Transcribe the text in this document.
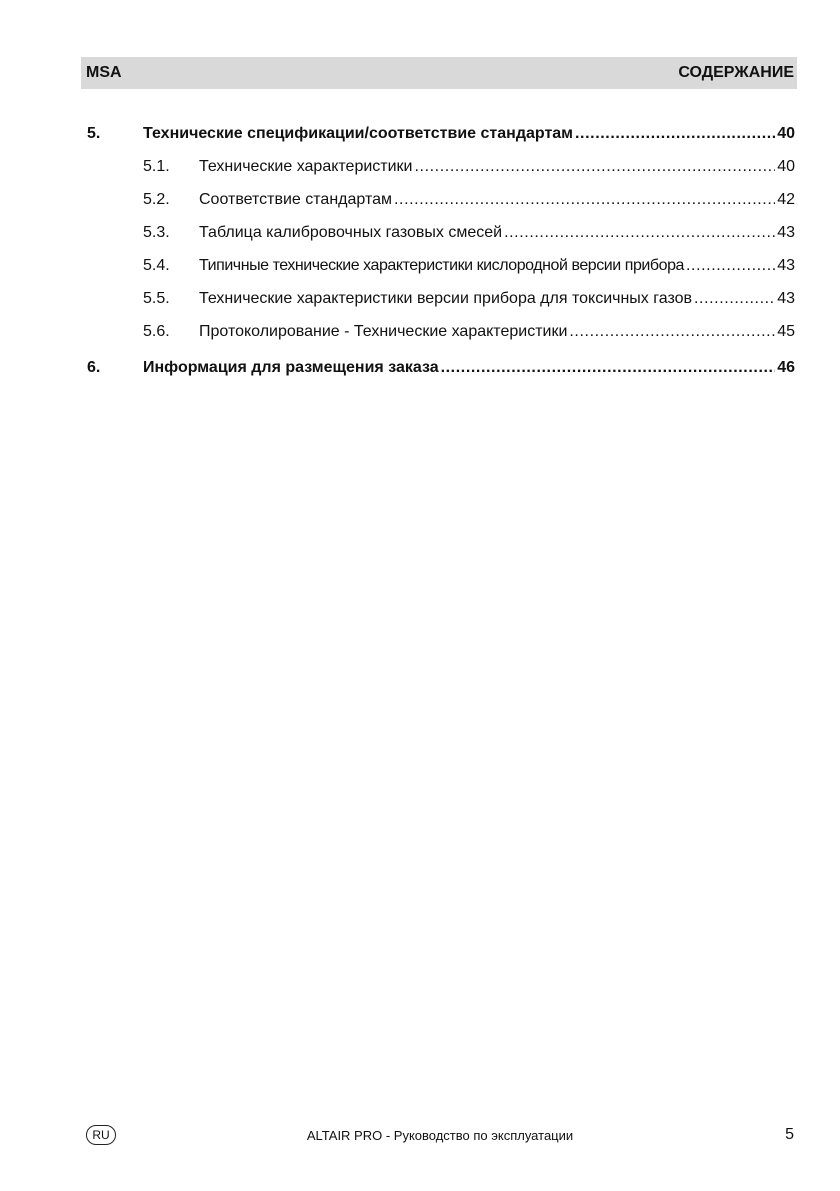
MSA	СОДЕРЖАНИЕ
5.	Технические спецификации/соответствие стандартам .....	40
5.1.	Технические характеристики .....	40
5.2.	Соответствие стандартам .....	42
5.3.	Таблица калибровочных газовых смесей .....	43
5.4.	Типичные технические характеристики кислородной версии прибора .....	43
5.5.	Технические характеристики версии прибора для токсичных газов .....	43
5.6.	Протоколирование - Технические характеристики .....	45
6.	Информация для размещения заказа .....	46
RU	ALTAIR PRO - Руководство по эксплуатации	5
